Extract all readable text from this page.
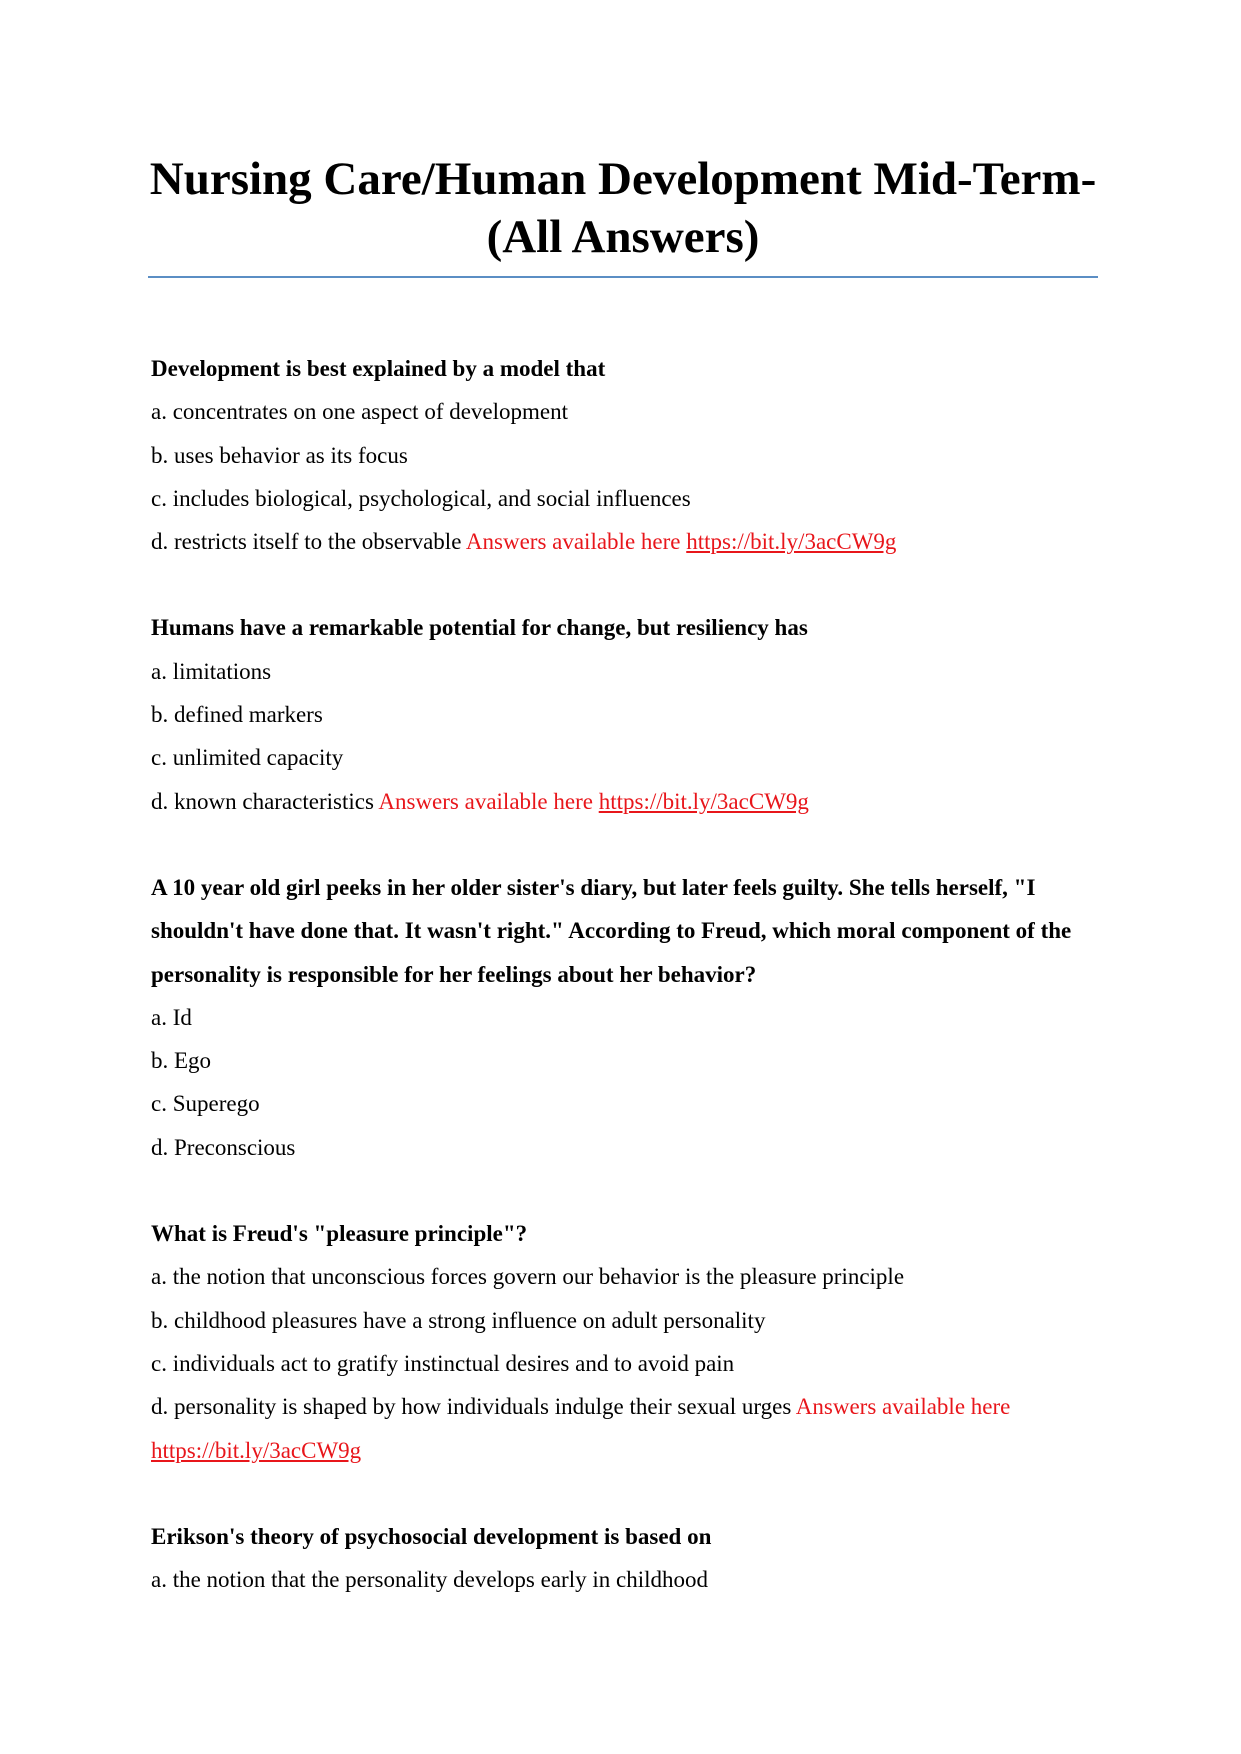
Nursing Care/Human Development Mid-Term-(All Answers)

Development is best explained by a model that

a. concentrates on one aspect of development

b. uses behavior as its focus

c. includes biological, psychological, and social influences

d. restricts itself to the observable Answers available here https://bit.ly/3acCW9g

Humans have a remarkable potential for change, but resiliency has

a. limitations

b. defined markers

c. unlimited capacity

d. known characteristics Answers available here https://bit.ly/3acCW9g

A 10 year old girl peeks in her older sister's diary, but later feels guilty. She tells herself, "I shouldn't have done that. It wasn't right." According to Freud, which moral component of the personality is responsible for her feelings about her behavior?

a. Id

b. Ego

c. Superego

d. Preconscious

What is Freud's "pleasure principle"?

a. the notion that unconscious forces govern our behavior is the pleasure principle

b. childhood pleasures have a strong influence on adult personality

c. individuals act to gratify instinctual desires and to avoid pain

d. personality is shaped by how individuals indulge their sexual urges Answers available here https://bit.ly/3acCW9g

Erikson's theory of psychosocial development is based on

a. the notion that the personality develops early in childhood
